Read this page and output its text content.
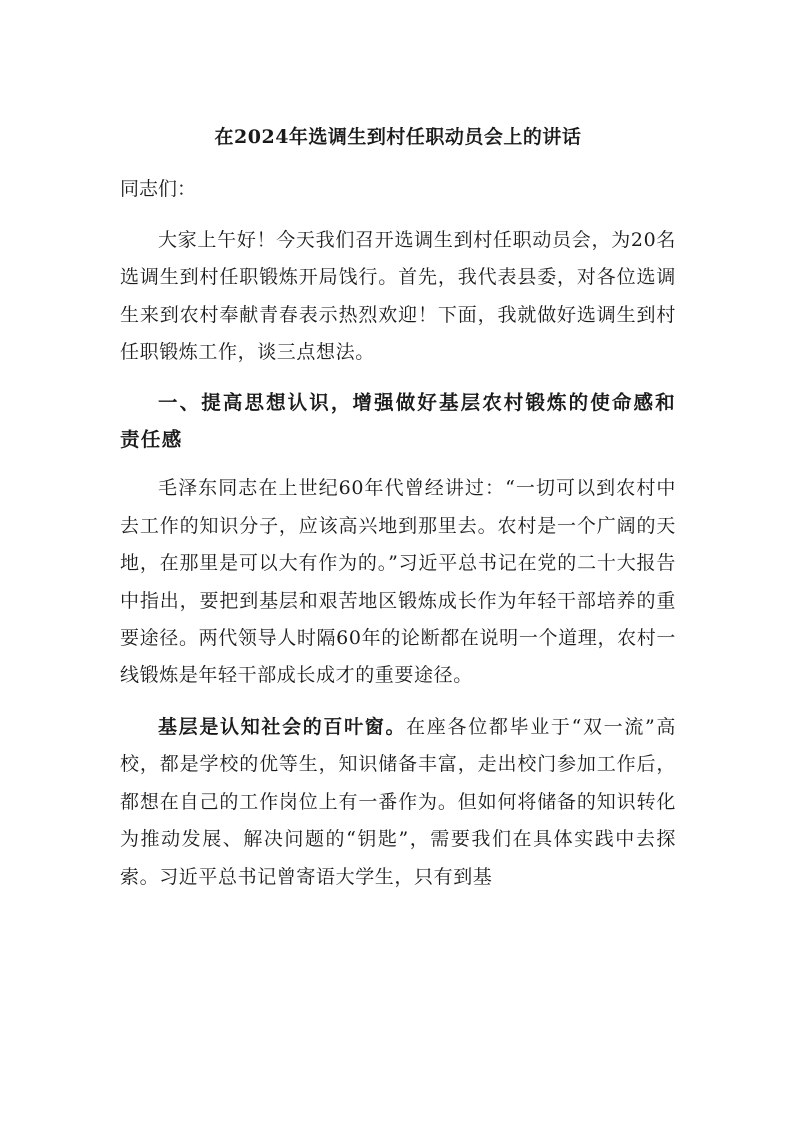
在2024年选调生到村任职动员会上的讲话

同志们：

大家上午好！今天我们召开选调生到村任职动员会，为20名选调生到村任职锻炼开局饯行。首先，我代表县委，对各位选调生来到农村奉献青春表示热烈欢迎！下面，我就做好选调生到村任职锻炼工作，谈三点想法。

一、提高思想认识，增强做好基层农村锻炼的使命感和责任感

毛泽东同志在上世纪60年代曾经讲过：“一切可以到农村中去工作的知识分子，应该高兴地到那里去。农村是一个广阔的天地，在那里是可以大有作为的。”习近平总书记在党的二十大报告中指出，要把到基层和艰苦地区锻炼成长作为年轻干部培养的重要途径。两代领导人时隔60年的论断都在说明一个道理，农村一线锻炼是年轻干部成长成才的重要途径。

基层是认知社会的百叶窗。在座各位都毕业于“双一流”高校，都是学校的优等生，知识储备丰富，走出校门参加工作后，都想在自己的工作岗位上有一番作为。但如何将储备的知识转化为推动发展、解决问题的“钥匙”，需要我们在具体实践中去探索。习近平总书记曾寄语大学生，只有到基
